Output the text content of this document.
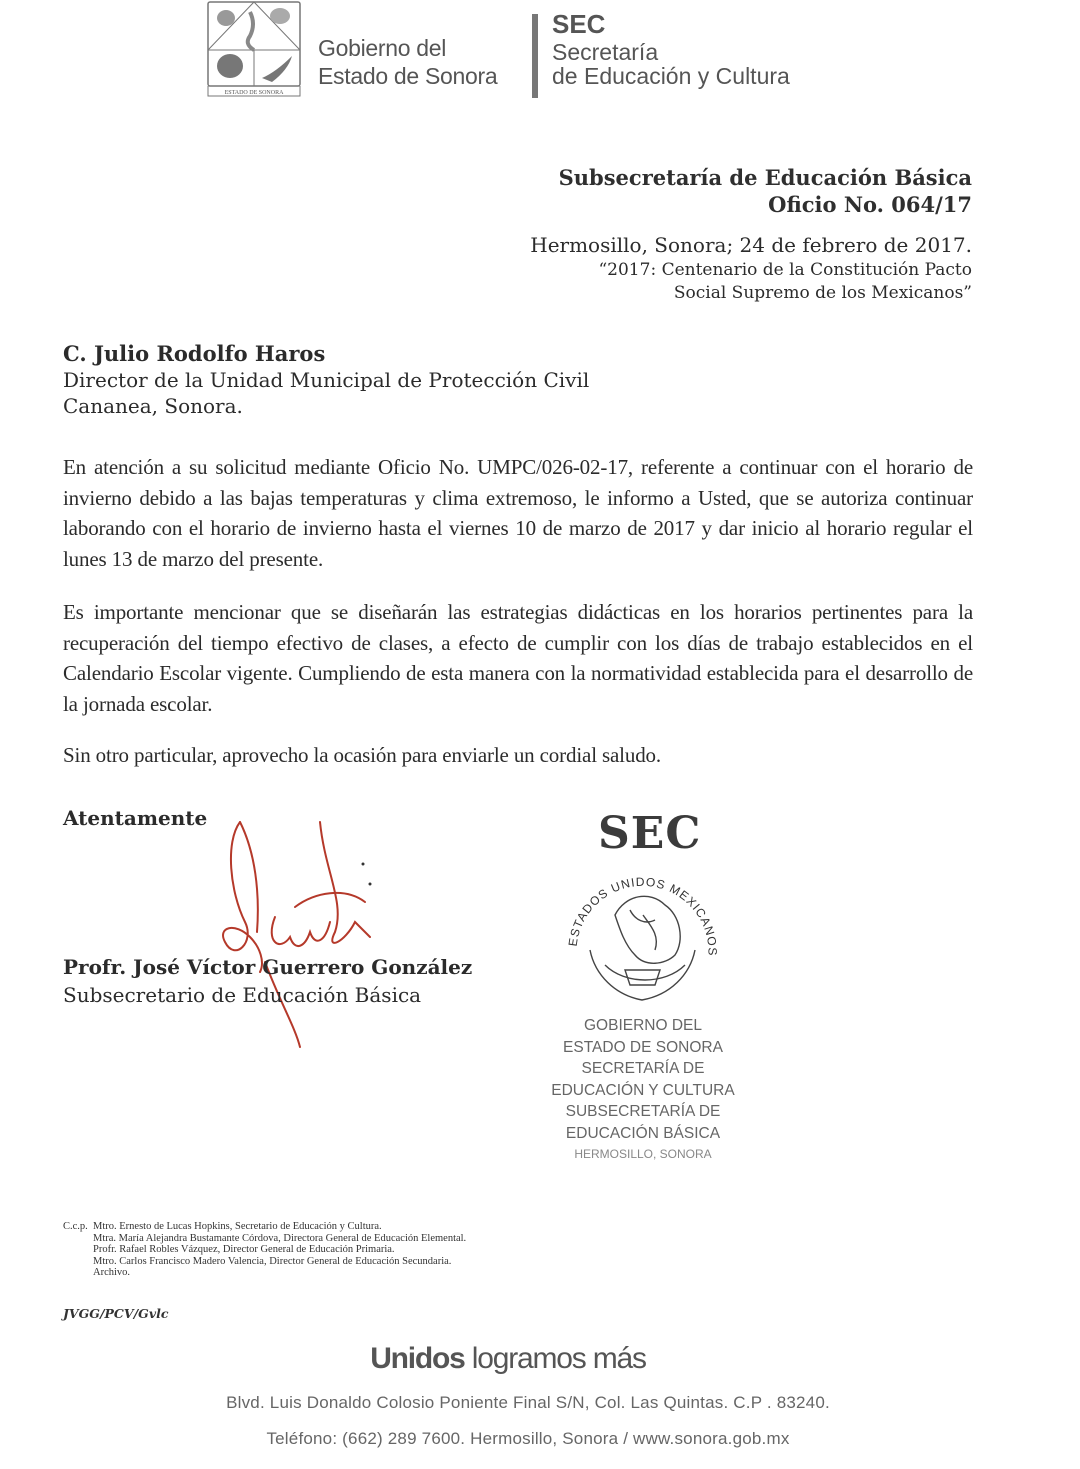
ESTADO DE SONORA
Gobierno del
Estado de Sonora
SEC
Secretaría
de Educación y Cultura
Subsecretaría de Educación Básica
Oficio No. 064/17
Hermosillo, Sonora; 24 de febrero de 2017.
“2017: Centenario de la Constitución Pacto
Social Supremo de los Mexicanos”
C. Julio Rodolfo Haros
Director de la Unidad Municipal de Protección Civil
Cananea, Sonora.
En atención a su solicitud mediante Oficio No. UMPC/026-02-17, referente a continuar con el horario de invierno debido a las bajas temperaturas y clima extremoso, le informo a Usted, que se autoriza continuar laborando con el horario de invierno hasta el viernes 10 de marzo de 2017 y dar inicio al horario regular el lunes 13 de marzo del presente.
Es importante mencionar que se diseñarán las estrategias didácticas en los horarios pertinentes para la recuperación del tiempo efectivo de clases, a efecto de cumplir con los días de trabajo establecidos en el Calendario Escolar vigente. Cumpliendo de esta manera con la normatividad establecida para el desarrollo de la jornada escolar.
Sin otro particular, aprovecho la ocasión para enviarle un cordial saludo.
Atentamente
Profr. José Víctor Guerrero González
Subsecretario de Educación Básica
SEC
ESTADOS UNIDOS MEXICANOS
GOBIERNO DEL
ESTADO DE SONORA
SECRETARÍA DE
EDUCACIÓN Y CULTURA
SUBSECRETARÍA DE
EDUCACIÓN BÁSICA
HERMOSILLO, SONORA
C.c.p. Mtro. Ernesto de Lucas Hopkins, Secretario de Educación y Cultura.
Mtra. María Alejandra Bustamante Córdova, Directora General de Educación Elemental.
Profr. Rafael Robles Vázquez, Director General de Educación Primaria.
Mtro. Carlos Francisco Madero Valencia, Director General de Educación Secundaria.
Archivo.
JVGG/PCV/Gvlc
Unidos logramos más
Blvd. Luis Donaldo Colosio Poniente Final S/N, Col. Las Quintas. C.P . 83240.
Teléfono: (662) 289 7600. Hermosillo, Sonora / www.sonora.gob.mx
